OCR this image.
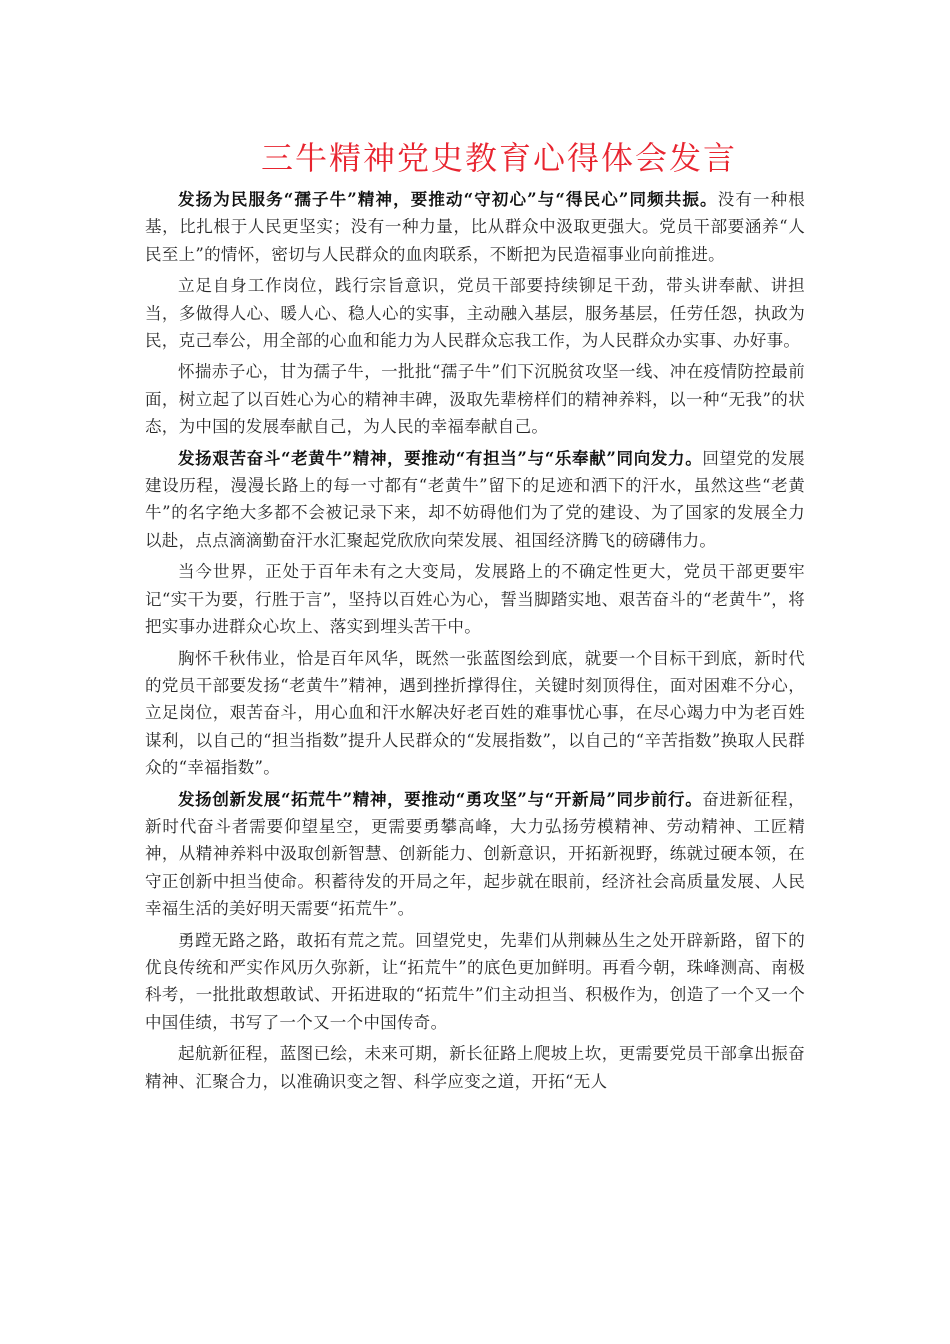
三牛精神党史教育心得体会发言

发扬为民服务“孺子牛”精神，要推动“守初心”与“得民心”同频共振。没有一种根基，比扎根于人民更坚实；没有一种力量，比从群众中汲取更强大。党员干部要涵养“人民至上”的情怀，密切与人民群众的血肉联系，不断把为民造福事业向前推进。

立足自身工作岗位，践行宗旨意识，党员干部要持续铆足干劲，带头讲奉献、讲担当，多做得人心、暖人心、稳人心的实事，主动融入基层，服务基层，任劳任怨，执政为民，克己奉公，用全部的心血和能力为人民群众忘我工作，为人民群众办实事、办好事。

怀揣赤子心，甘为孺子牛，一批批“孺子牛”们下沉脱贫攻坚一线、冲在疫情防控最前面，树立起了以百姓心为心的精神丰碑，汲取先辈榜样们的精神养料，以一种“无我”的状态，为中国的发展奉献自己，为人民的幸福奉献自己。

发扬艰苦奋斗“老黄牛”精神，要推动“有担当”与“乐奉献”同向发力。回望党的发展建设历程，漫漫长路上的每一寸都有“老黄牛”留下的足迹和洒下的汗水，虽然这些“老黄牛”的名字绝大多都不会被记录下来，却不妨碍他们为了党的建设、为了国家的发展全力以赴，点点滴滴勤奋汗水汇聚起党欣欣向荣发展、祖国经济腾飞的磅礴伟力。

当今世界，正处于百年未有之大变局，发展路上的不确定性更大，党员干部更要牢记“实干为要，行胜于言”，坚持以百姓心为心，誓当脚踏实地、艰苦奋斗的“老黄牛”，将把实事办进群众心坎上、落实到埋头苦干中。

胸怀千秋伟业，恰是百年风华，既然一张蓝图绘到底，就要一个目标干到底，新时代的党员干部要发扬“老黄牛”精神，遇到挫折撑得住，关键时刻顶得住，面对困难不分心，立足岗位，艰苦奋斗，用心血和汗水解决好老百姓的难事忧心事，在尽心竭力中为老百姓谋利，以自己的“担当指数”提升人民群众的“发展指数”，以自己的“辛苦指数”换取人民群众的“幸福指数”。

发扬创新发展“拓荒牛”精神，要推动“勇攻坚”与“开新局”同步前行。奋进新征程，新时代奋斗者需要仰望星空，更需要勇攀高峰，大力弘扬劳模精神、劳动精神、工匠精神，从精神养料中汲取创新智慧、创新能力、创新意识，开拓新视野，练就过硬本领，在守正创新中担当使命。积蓄待发的开局之年，起步就在眼前，经济社会高质量发展、人民幸福生活的美好明天需要“拓荒牛”。

勇蹚无路之路，敢拓有荒之荒。回望党史，先辈们从荆棘丛生之处开辟新路，留下的优良传统和严实作风历久弥新，让“拓荒牛”的底色更加鲜明。再看今朝，珠峰测高、南极科考，一批批敢想敢试、开拓进取的“拓荒牛”们主动担当、积极作为，创造了一个又一个中国佳绩，书写了一个又一个中国传奇。

起航新征程，蓝图已绘，未来可期，新长征路上爬坡上坎，更需要党员干部拿出振奋精神、汇聚合力，以准确识变之智、科学应变之道，开拓“无人
